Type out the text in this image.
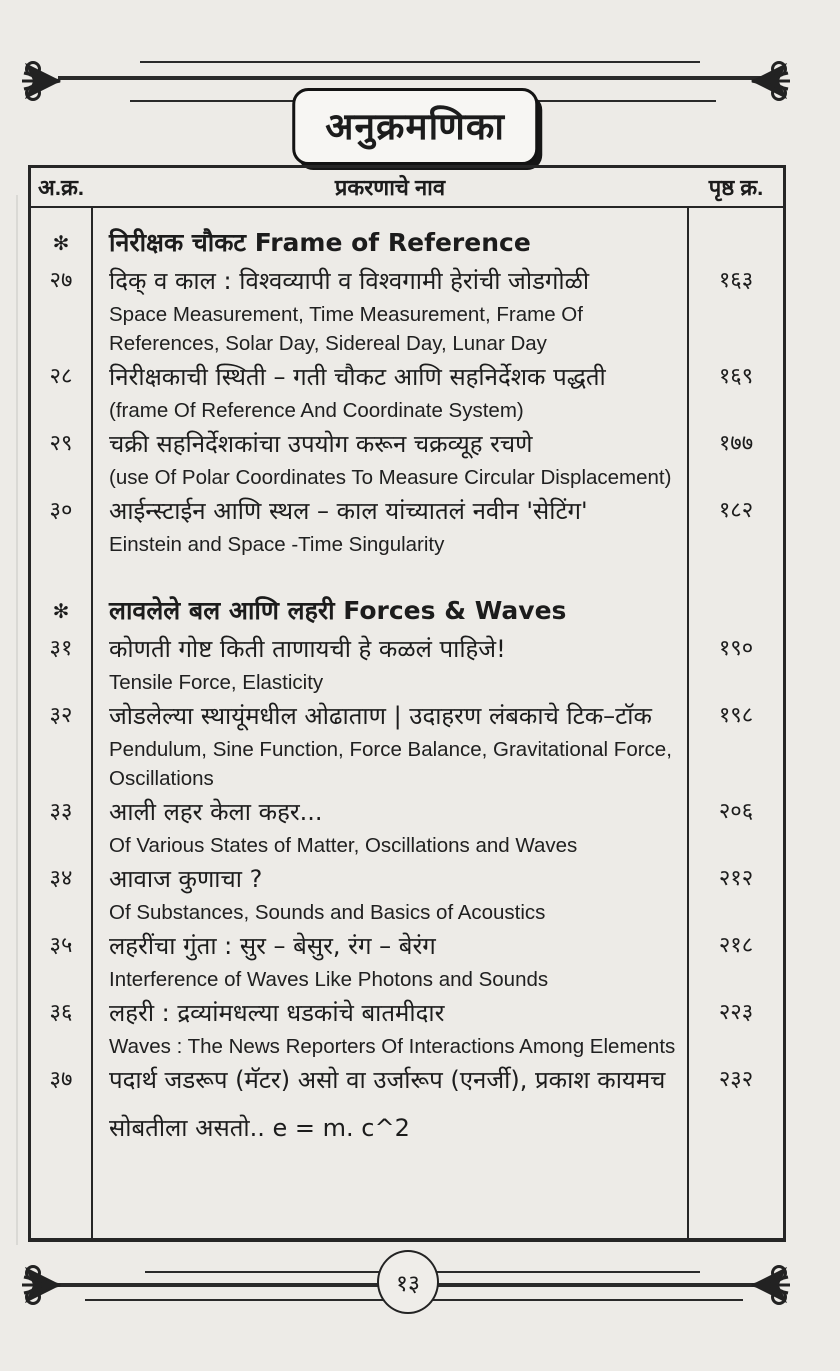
अनुक्रमणिका
अ.क्र.	प्रकरणाचे नाव	पृष्ठ क्र.
✻	निरीक्षक चौकट Frame of Reference
२७	दिक् व काल : विश्वव्यापी व विश्वगामी हेरांची जोडगोळी	१६३
Space Measurement, Time Measurement, Frame Of References, Solar Day, Sidereal Day, Lunar Day
२८	निरीक्षकाची स्थिती – गती चौकट आणि सहनिर्देशक पद्धती	१६९
(frame Of Reference And Coordinate System)
२९	चक्री सहनिर्देशकांचा उपयोग करून चक्रव्यूह रचणे	१७७
(use Of Polar Coordinates To Measure Circular Displacement)
३०	आईन्स्टाईन आणि स्थल – काल यांच्यातलं नवीन 'सेटिंग'	१८२
Einstein and Space -Time Singularity
✻	लावलेले बल आणि लहरी Forces & Waves
३१	कोणती गोष्ट किती ताणायची हे कळलं पाहिजे!	१९०
Tensile Force, Elasticity
३२	जोडलेल्या स्थायूंमधील ओढाताण | उदाहरण लंबकाचे टिक–टॉक	१९८
Pendulum, Sine Function, Force Balance, Gravitational Force, Oscillations
३३	आली लहर केला कहर...	२०६
Of Various States of Matter, Oscillations and Waves
३४	आवाज कुणाचा ?	२१२
Of Substances, Sounds and Basics of Acoustics
३५	लहरींचा गुंता : सुर – बेसुर, रंग – बेरंग	२१८
Interference of Waves Like Photons and Sounds
३६	लहरी : द्रव्यांमधल्या धडकांचे बातमीदार	२२३
Waves : The News Reporters Of Interactions Among Elements
३७	पदार्थ जडरूप (मॅटर) असो वा उर्जारूप (एनर्जी), प्रकाश कायमच	२३२
सोबतीला असतो.. e = m. c^2
१३
